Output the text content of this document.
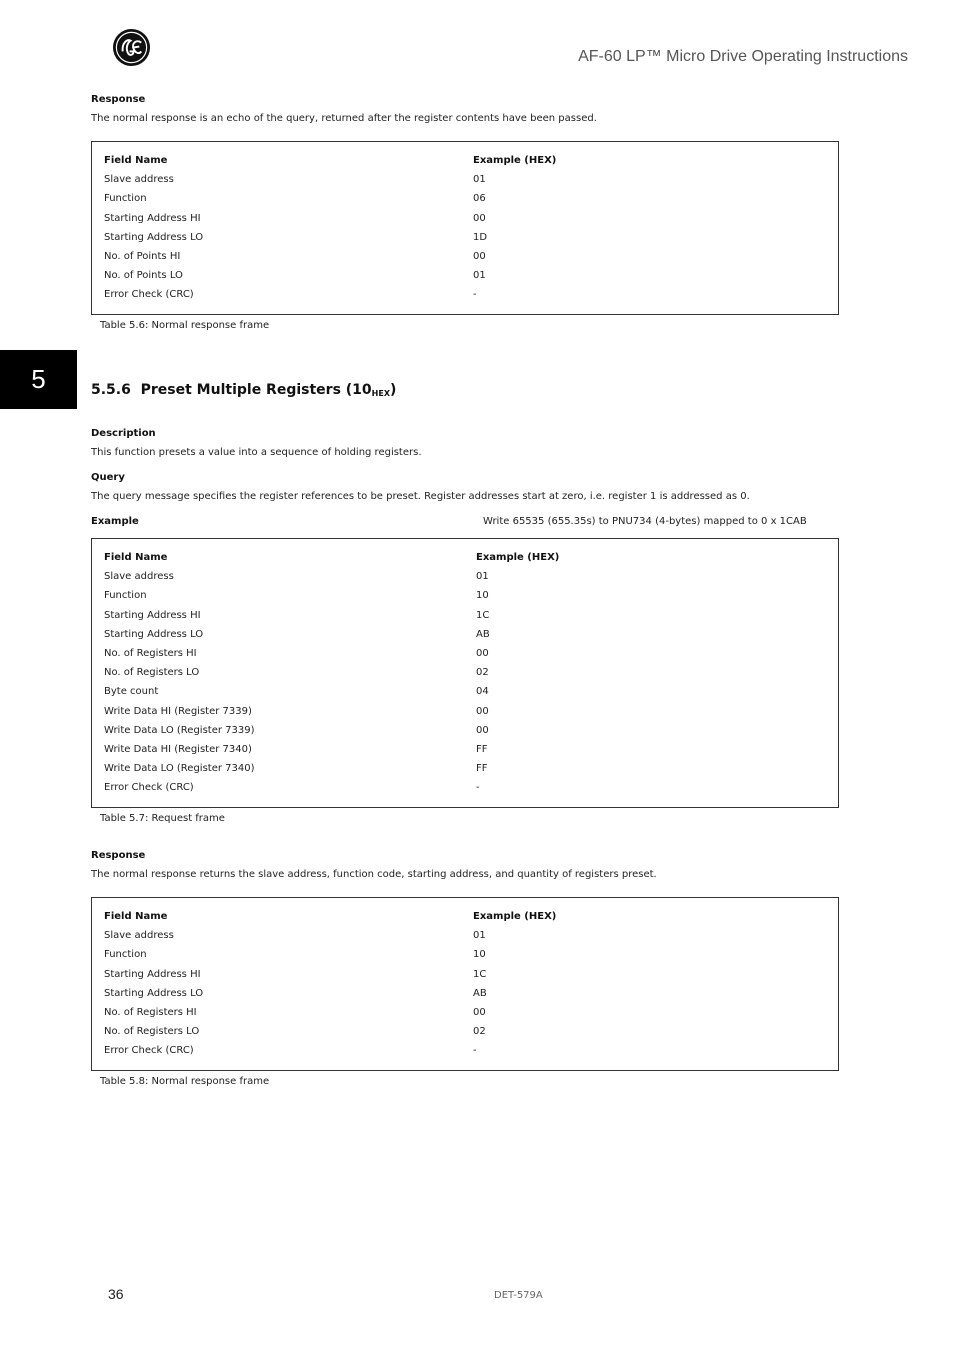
AF-60 LP™ Micro Drive Operating Instructions
5
Response
The normal response is an echo of the query, returned after the register contents have been passed.
Field Name	Example (HEX)
Slave address	01
Function	06
Starting Address HI	00
Starting Address LO	1D
No. of Points HI	00
No. of Points LO	01
Error Check (CRC)	-
Table 5.6: Normal response frame
5.5.6 Preset Multiple Registers $(10_{HEX})$
Description
This function presets a value into a sequence of holding registers.
Query
The query message specifies the register references to be preset. Register addresses start at zero, i.e. register 1 is addressed as 0.
Example	Write 65535 (655.35s) to PNU734 (4-bytes) mapped to 0 x 1CAB
Field Name	Example (HEX)
Slave address	01
Function	10
Starting Address HI	1C
Starting Address LO	AB
No. of Registers HI	00
No. of Registers LO	02
Byte count	04
Write Data HI (Register 7339)	00
Write Data LO (Register 7339)	00
Write Data HI (Register 7340)	FF
Write Data LO (Register 7340)	FF
Error Check (CRC)	-
Table 5.7: Request frame
Response
The normal response returns the slave address, function code, starting address, and quantity of registers preset.
Field Name	Example (HEX)
Slave address	01
Function	10
Starting Address HI	1C
Starting Address LO	AB
No. of Registers HI	00
No. of Registers LO	02
Error Check (CRC)	-
Table 5.8: Normal response frame
36	DET-579A
